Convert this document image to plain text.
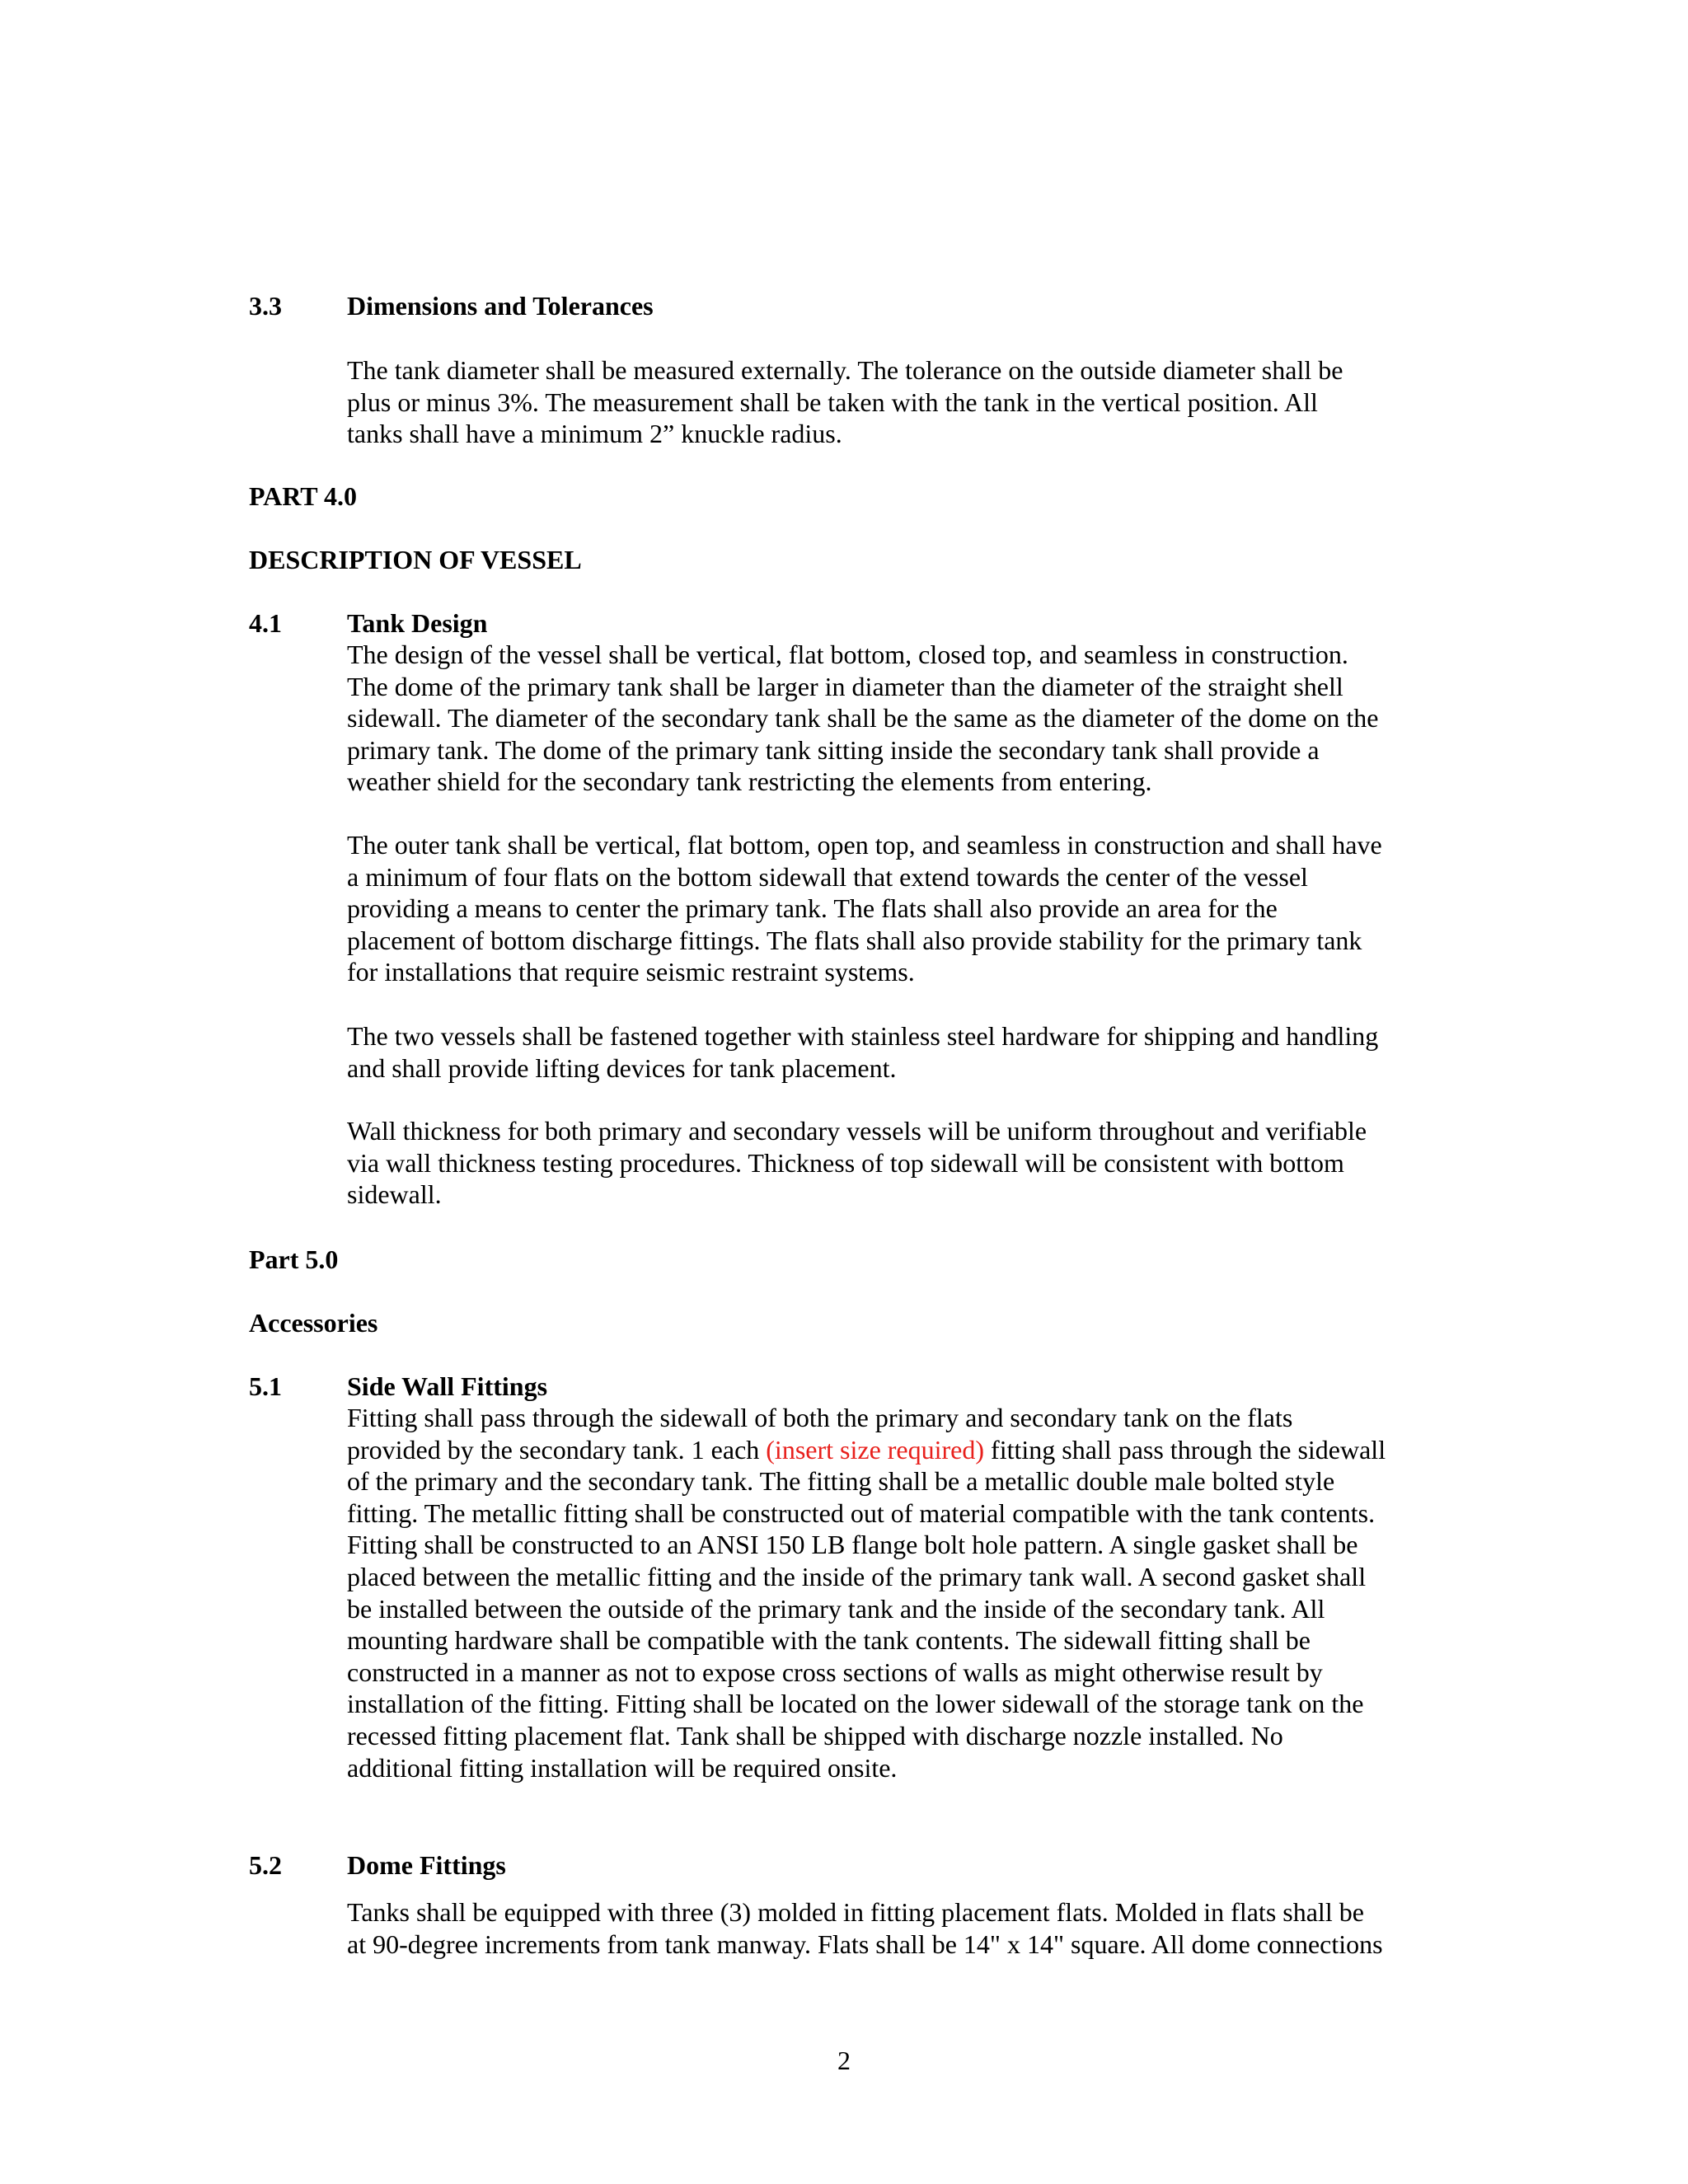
3.3 Dimensions and Tolerances
The tank diameter shall be measured externally. The tolerance on the outside diameter shall be
plus or minus 3%. The measurement shall be taken with the tank in the vertical position. All
tanks shall have a minimum 2” knuckle radius.
PART 4.0
DESCRIPTION OF VESSEL
4.1 Tank Design
The design of the vessel shall be vertical, flat bottom, closed top, and seamless in construction.
The dome of the primary tank shall be larger in diameter than the diameter of the straight shell
sidewall. The diameter of the secondary tank shall be the same as the diameter of the dome on the
primary tank. The dome of the primary tank sitting inside the secondary tank shall provide a
weather shield for the secondary tank restricting the elements from entering.
The outer tank shall be vertical, flat bottom, open top, and seamless in construction and shall have
a minimum of four flats on the bottom sidewall that extend towards the center of the vessel
providing a means to center the primary tank. The flats shall also provide an area for the
placement of bottom discharge fittings. The flats shall also provide stability for the primary tank
for installations that require seismic restraint systems.
The two vessels shall be fastened together with stainless steel hardware for shipping and handling
and shall provide lifting devices for tank placement.
Wall thickness for both primary and secondary vessels will be uniform throughout and verifiable
via wall thickness testing procedures. Thickness of top sidewall will be consistent with bottom
sidewall.
Part 5.0
Accessories
5.1 Side Wall Fittings
Fitting shall pass through the sidewall of both the primary and secondary tank on the flats
provided by the secondary tank. 1 each (insert size required) fitting shall pass through the sidewall
of the primary and the secondary tank. The fitting shall be a metallic double male bolted style
fitting. The metallic fitting shall be constructed out of material compatible with the tank contents.
Fitting shall be constructed to an ANSI 150 LB flange bolt hole pattern. A single gasket shall be
placed between the metallic fitting and the inside of the primary tank wall. A second gasket shall
be installed between the outside of the primary tank and the inside of the secondary tank. All
mounting hardware shall be compatible with the tank contents. The sidewall fitting shall be
constructed in a manner as not to expose cross sections of walls as might otherwise result by
installation of the fitting. Fitting shall be located on the lower sidewall of the storage tank on the
recessed fitting placement flat. Tank shall be shipped with discharge nozzle installed. No
additional fitting installation will be required onsite.
5.2 Dome Fittings
Tanks shall be equipped with three (3) molded in fitting placement flats. Molded in flats shall be
at 90-degree increments from tank manway. Flats shall be 14" x 14" square. All dome connections
2
